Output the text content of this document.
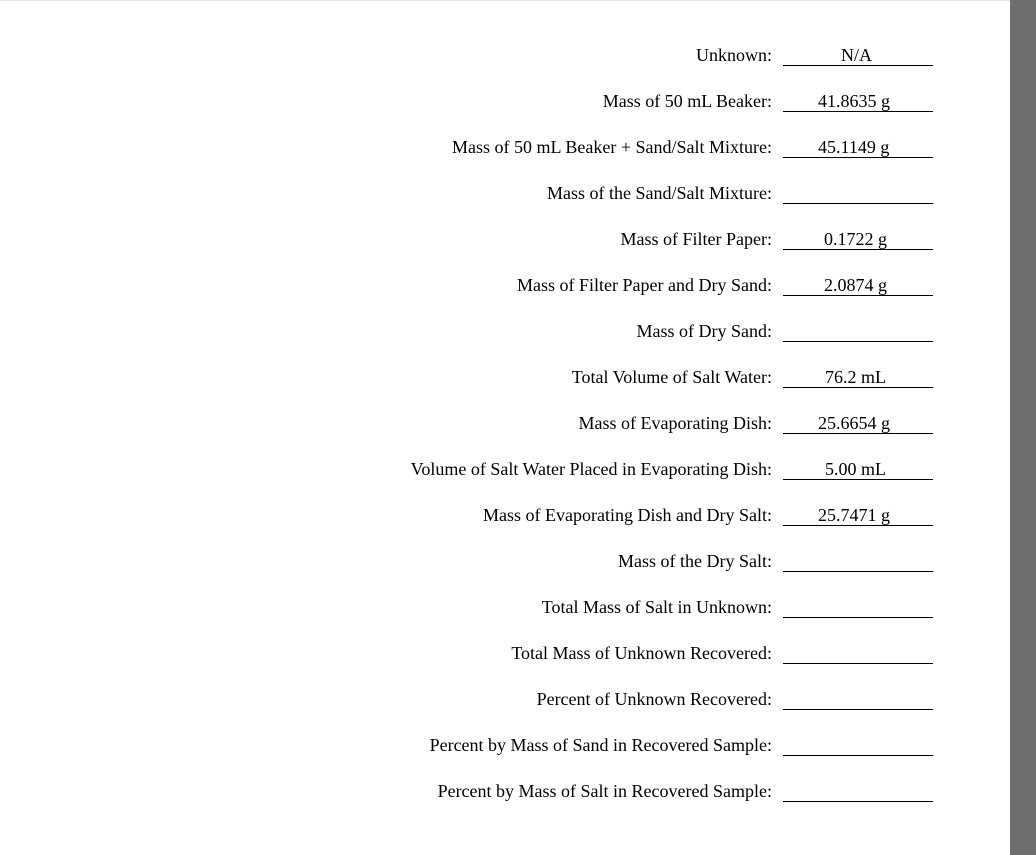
Unknown:	N/A
Mass of 50 mL Beaker:	41.8635 g
Mass of 50 mL Beaker + Sand/Salt Mixture:	45.1149 g
Mass of the Sand/Salt Mixture:
Mass of Filter Paper:	0.1722 g
Mass of Filter Paper and Dry Sand:	2.0874 g
Mass of Dry Sand:
Total Volume of Salt Water:	76.2 mL
Mass of Evaporating Dish:	25.6654 g
Volume of Salt Water Placed in Evaporating Dish:	5.00 mL
Mass of Evaporating Dish and Dry Salt:	25.7471 g
Mass of the Dry Salt:
Total Mass of Salt in Unknown:
Total Mass of Unknown Recovered:
Percent of Unknown Recovered:
Percent by Mass of Sand in Recovered Sample:
Percent by Mass of Salt in Recovered Sample:
